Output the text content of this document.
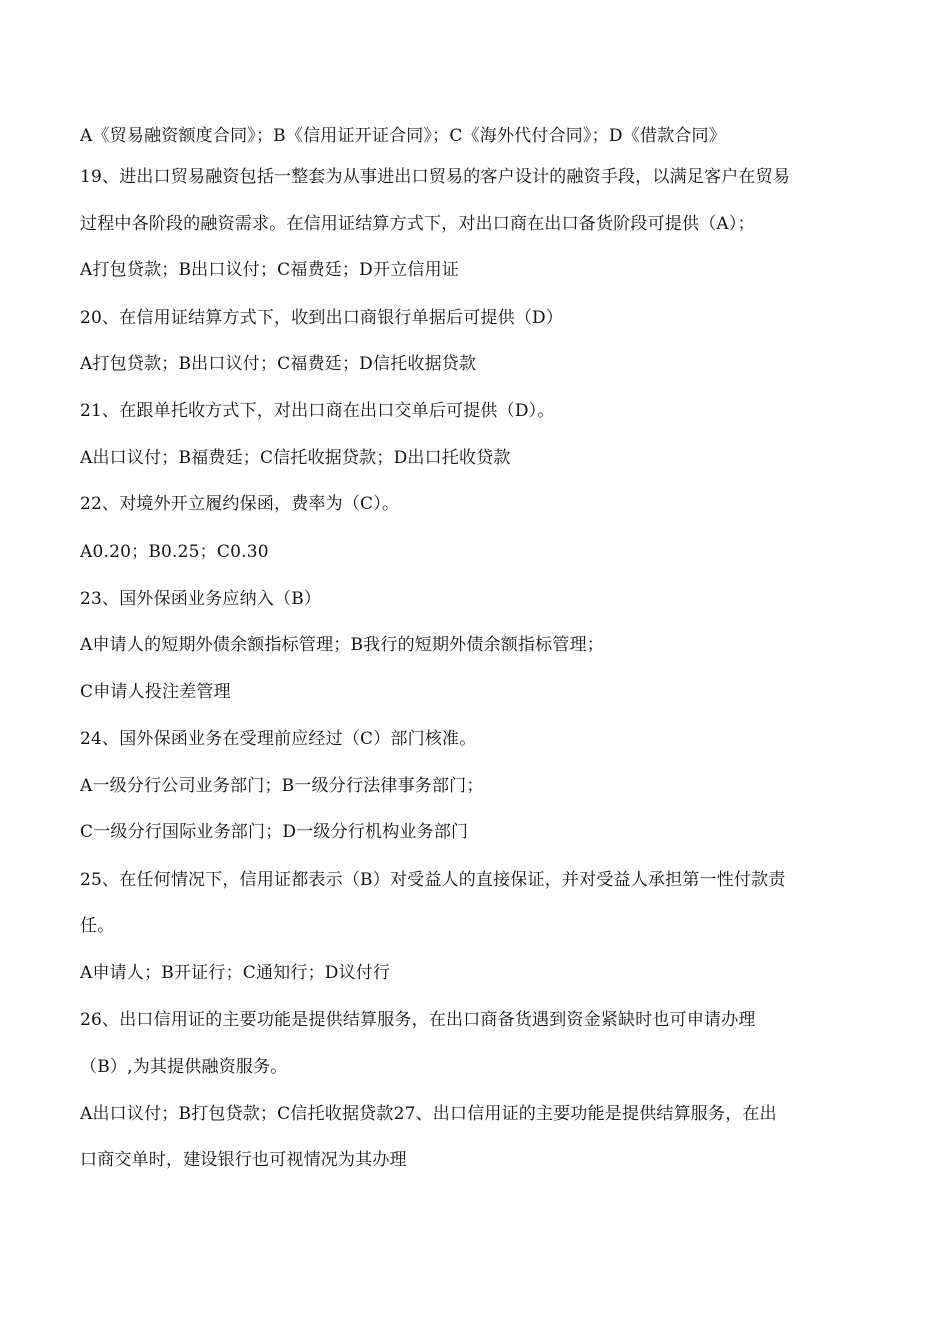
A《贸易融资额度合同》；B《信用证开证合同》；C《海外代付合同》；D《借款合同》
19、进出口贸易融资包括一整套为从事进出口贸易的客户设计的融资手段，以满足客户在贸易
过程中各阶段的融资需求。在信用证结算方式下，对出口商在出口备货阶段可提供（A）；
A打包贷款；B出口议付；C福费廷；D开立信用证
20、在信用证结算方式下，收到出口商银行单据后可提供（D）
A打包贷款；B出口议付；C福费廷；D信托收据贷款
21、在跟单托收方式下，对出口商在出口交单后可提供（D）。
A出口议付；B福费廷；C信托收据贷款；D出口托收贷款
22、对境外开立履约保函，费率为（C）。
A0.20；B0.25；C0.30
23、国外保函业务应纳入（B）
A申请人的短期外债余额指标管理；B我行的短期外债余额指标管理；
C申请人投注差管理
24、国外保函业务在受理前应经过（C）部门核准。
A一级分行公司业务部门；B一级分行法律事务部门；
C一级分行国际业务部门；D一级分行机构业务部门
25、在任何情况下，信用证都表示（B）对受益人的直接保证，并对受益人承担第一性付款责
任。
A申请人；B开证行；C通知行；D议付行
26、出口信用证的主要功能是提供结算服务，在出口商备货遇到资金紧缺时也可申请办理
（B）,为其提供融资服务。
A出口议付；B打包贷款；C信托收据贷款27、出口信用证的主要功能是提供结算服务，在出
口商交单时，建设银行也可视情况为其办理
